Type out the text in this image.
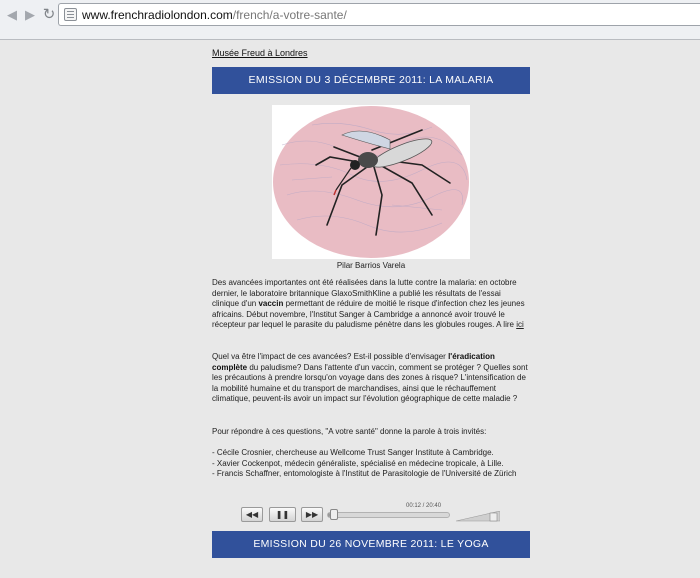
◀ ▶ ↻ www.frenchradiolondon.com/french/a-votre-sante/
Musée Freud à Londres
EMISSION DU 3 DÉCEMBRE 2011: LA MALARIA
Pilar Barrios Varela
Des avancées importantes ont été réalisées dans la lutte contre la malaria: en octobre dernier, le laboratoire britannique GlaxoSmithKline a publié les résultats de l'essai clinique d'un vaccin permettant de réduire de moitié le risque d'infection chez les jeunes africains. Début novembre, l'Institut Sanger à Cambridge a annoncé avoir trouvé le récepteur par lequel le parasite du paludisme pénètre dans les globules rouges. A lire ici
Quel va être l'impact de ces avancées? Est-il possible d'envisager l'éradication complète du paludisme? Dans l'attente d'un vaccin, comment se protéger ? Quelles sont les précautions à prendre lorsqu'on voyage dans des zones à risque? L'intensification de la mobilité humaine et du transport de marchandises, ainsi que le réchauffement climatique, peuvent-ils avoir un impact sur l'évolution géographique de cette maladie ?
Pour répondre à ces questions, "A votre santé" donne la parole à trois invités:
- Cécile Crosnier, chercheuse au Wellcome Trust Sanger Institute à Cambridge.
- Xavier Cockenpot, médecin généraliste, spécialisé en médecine tropicale, à Lille.
- Francis Schaffner, entomologiste à l'Institut de Parasitologie de l'Université de Zürich
◀◀	❚❚	▶▶
00:12 / 20:40
EMISSION DU 26 NOVEMBRE 2011: LE YOGA
